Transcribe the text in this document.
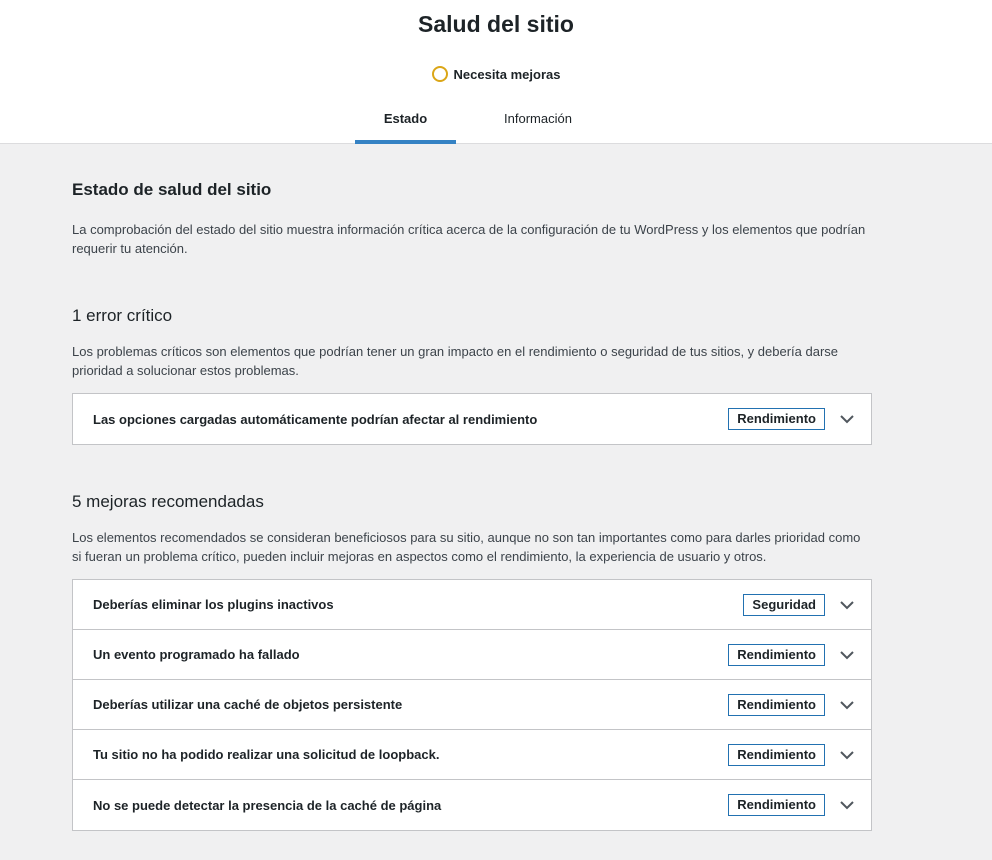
Salud del sitio
Necesita mejoras
Estado	Información
Estado de salud del sitio

La comprobación del estado del sitio muestra información crítica acerca de la configuración de tu WordPress y los elementos que podrían requerir tu atención.

1 error crítico

Los problemas críticos son elementos que podrían tener un gran impacto en el rendimiento o seguridad de tus sitios, y debería darse prioridad a solucionar estos problemas.

Las opciones cargadas automáticamente podrían afectar al rendimiento	Rendimiento
5 mejoras recomendadas

Los elementos recomendados se consideran beneficiosos para su sitio, aunque no son tan importantes como para darles prioridad como si fueran un problema crítico, pueden incluir mejoras en aspectos como el rendimiento, la experiencia de usuario y otros.

Deberías eliminar los plugins inactivos	Seguridad
Un evento programado ha fallado	Rendimiento
Deberías utilizar una caché de objetos persistente	Rendimiento
Tu sitio no ha podido realizar una solicitud de loopback.	Rendimiento
No se puede detectar la presencia de la caché de página	Rendimiento
